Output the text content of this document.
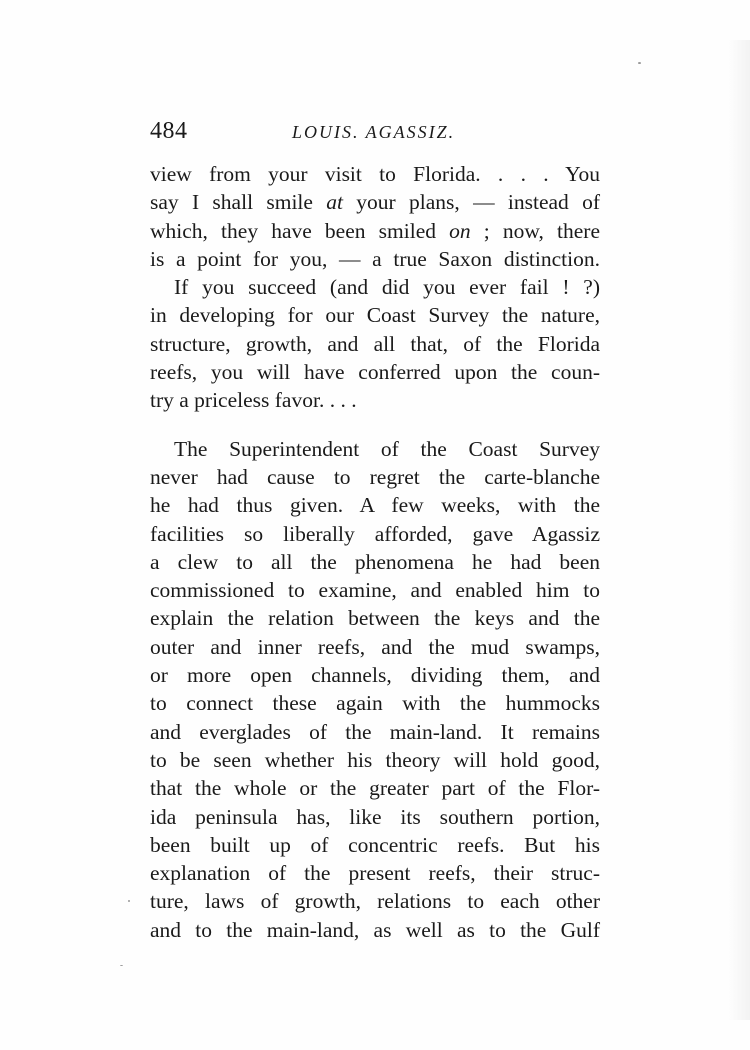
484	LOUIS. AGASSIZ.
view from your visit to Florida. . . . You
say I shall smile at your plans, — instead of
which, they have been smiled on ; now, there
is a point for you, — a true Saxon distinction.
If you succeed (and did you ever fail ! ?)
in developing for our Coast Survey the nature,
structure, growth, and all that, of the Florida
reefs, you will have conferred upon the coun-
try a priceless favor. . . .
The Superintendent of the Coast Survey
never had cause to regret the carte-blanche
he had thus given. A few weeks, with the
facilities so liberally afforded, gave Agassiz
a clew to all the phenomena he had been
commissioned to examine, and enabled him to
explain the relation between the keys and the
outer and inner reefs, and the mud swamps,
or more open channels, dividing them, and
to connect these again with the hummocks
and everglades of the main-land. It remains
to be seen whether his theory will hold good,
that the whole or the greater part of the Flor-
ida peninsula has, like its southern portion,
been built up of concentric reefs. But his
explanation of the present reefs, their struc-
ture, laws of growth, relations to each other
and to the main-land, as well as to the Gulf
